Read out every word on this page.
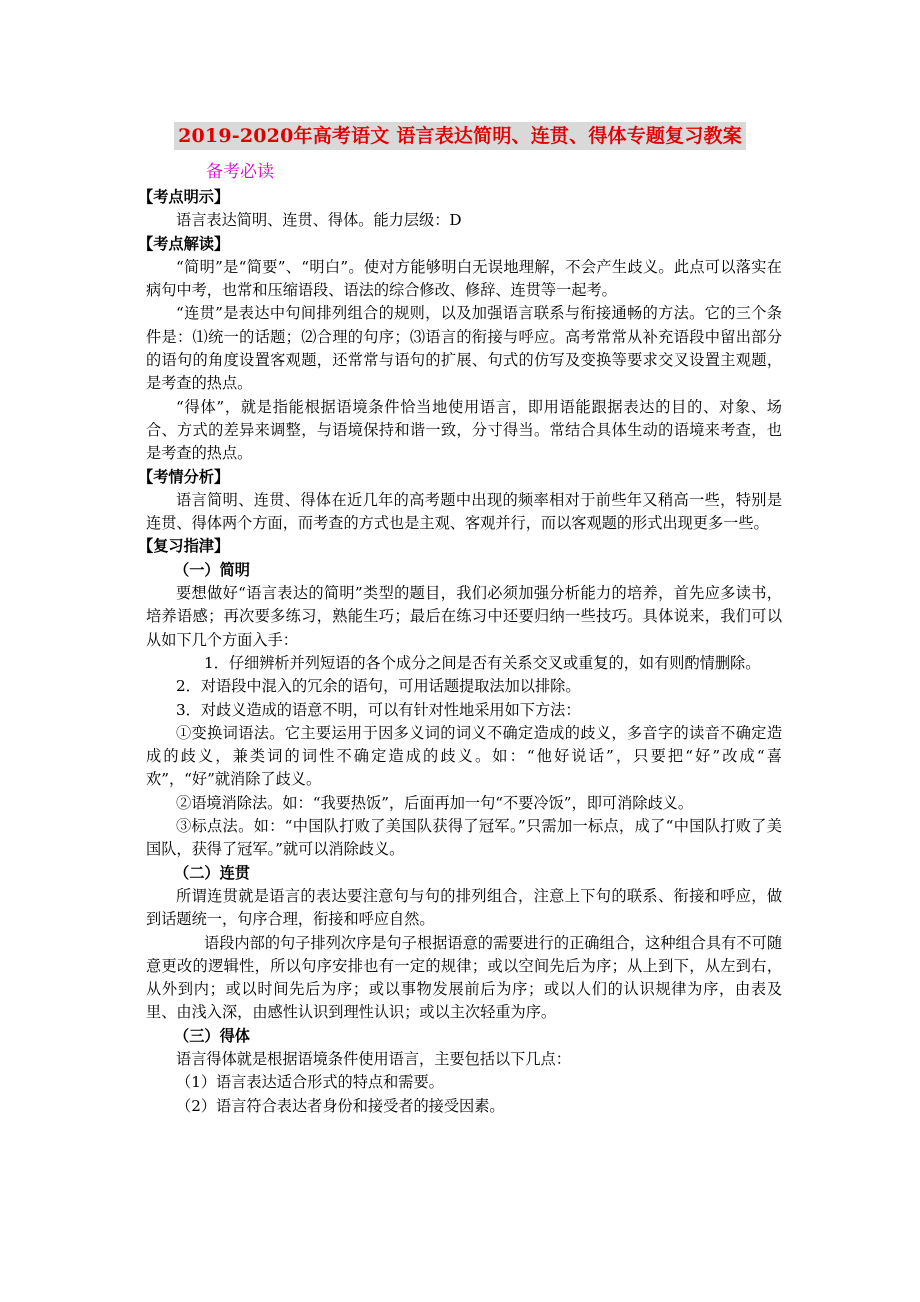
2019-2020年高考语文 语言表达简明、连贯、得体专题复习教案
备考必读
【考点明示】
语言表达简明、连贯、得体。能力层级：D
【考点解读】
“简明”是“简要”、“明白”。使对方能够明白无误地理解，不会产生歧义。此点可以落实在病句中考，也常和压缩语段、语法的综合修改、修辞、连贯等一起考。
“连贯”是表达中句间排列组合的规则，以及加强语言联系与衔接通畅的方法。它的三个条件是：⑴统一的话题；⑵合理的句序；⑶语言的衔接与呼应。高考常常从补充语段中留出部分的语句的角度设置客观题，还常常与语句的扩展、句式的仿写及变换等要求交叉设置主观题，是考查的热点。
“得体”，就是指能根据语境条件恰当地使用语言，即用语能跟据表达的目的、对象、场合、方式的差异来调整，与语境保持和谐一致，分寸得当。常结合具体生动的语境来考查，也是考查的热点。
【考情分析】
语言简明、连贯、得体在近几年的高考题中出现的频率相对于前些年又稍高一些，特别是连贯、得体两个方面，而考查的方式也是主观、客观并行，而以客观题的形式出现更多一些。
【复习指津】
（一）简明
要想做好“语言表达的简明”类型的题目，我们必须加强分析能力的培养，首先应多读书，培养语感；再次要多练习，熟能生巧；最后在练习中还要归纳一些技巧。具体说来，我们可以从如下几个方面入手：
1．仔细辨析并列短语的各个成分之间是否有关系交叉或重复的，如有则酌情删除。
2．对语段中混入的冗余的语句，可用话题提取法加以排除。
3．对歧义造成的语意不明，可以有针对性地采用如下方法：
①变换词语法。它主要运用于因多义词的词义不确定造成的歧义，多音字的读音不确定造成的歧义，兼类词的词性不确定造成的歧义。如：“他好说话”，只要把“好”改成“喜欢”，“好”就消除了歧义。
②语境消除法。如：“我要热饭”，后面再加一句“不要冷饭”，即可消除歧义。
③标点法。如：“中国队打败了美国队获得了冠军。”只需加一标点，成了“中国队打败了美国队，获得了冠军。”就可以消除歧义。
（二）连贯
所谓连贯就是语言的表达要注意句与句的排列组合，注意上下句的联系、衔接和呼应，做到话题统一，句序合理，衔接和呼应自然。
语段内部的句子排列次序是句子根据语意的需要进行的正确组合，这种组合具有不可随意更改的逻辑性，所以句序安排也有一定的规律；或以空间先后为序；从上到下，从左到右，从外到内；或以时间先后为序；或以事物发展前后为序；或以人们的认识规律为序，由表及里、由浅入深，由感性认识到理性认识；或以主次轻重为序。
（三）得体
语言得体就是根据语境条件使用语言，主要包括以下几点：
（1）语言表达适合形式的特点和需要。
（2）语言符合表达者身份和接受者的接受因素。
